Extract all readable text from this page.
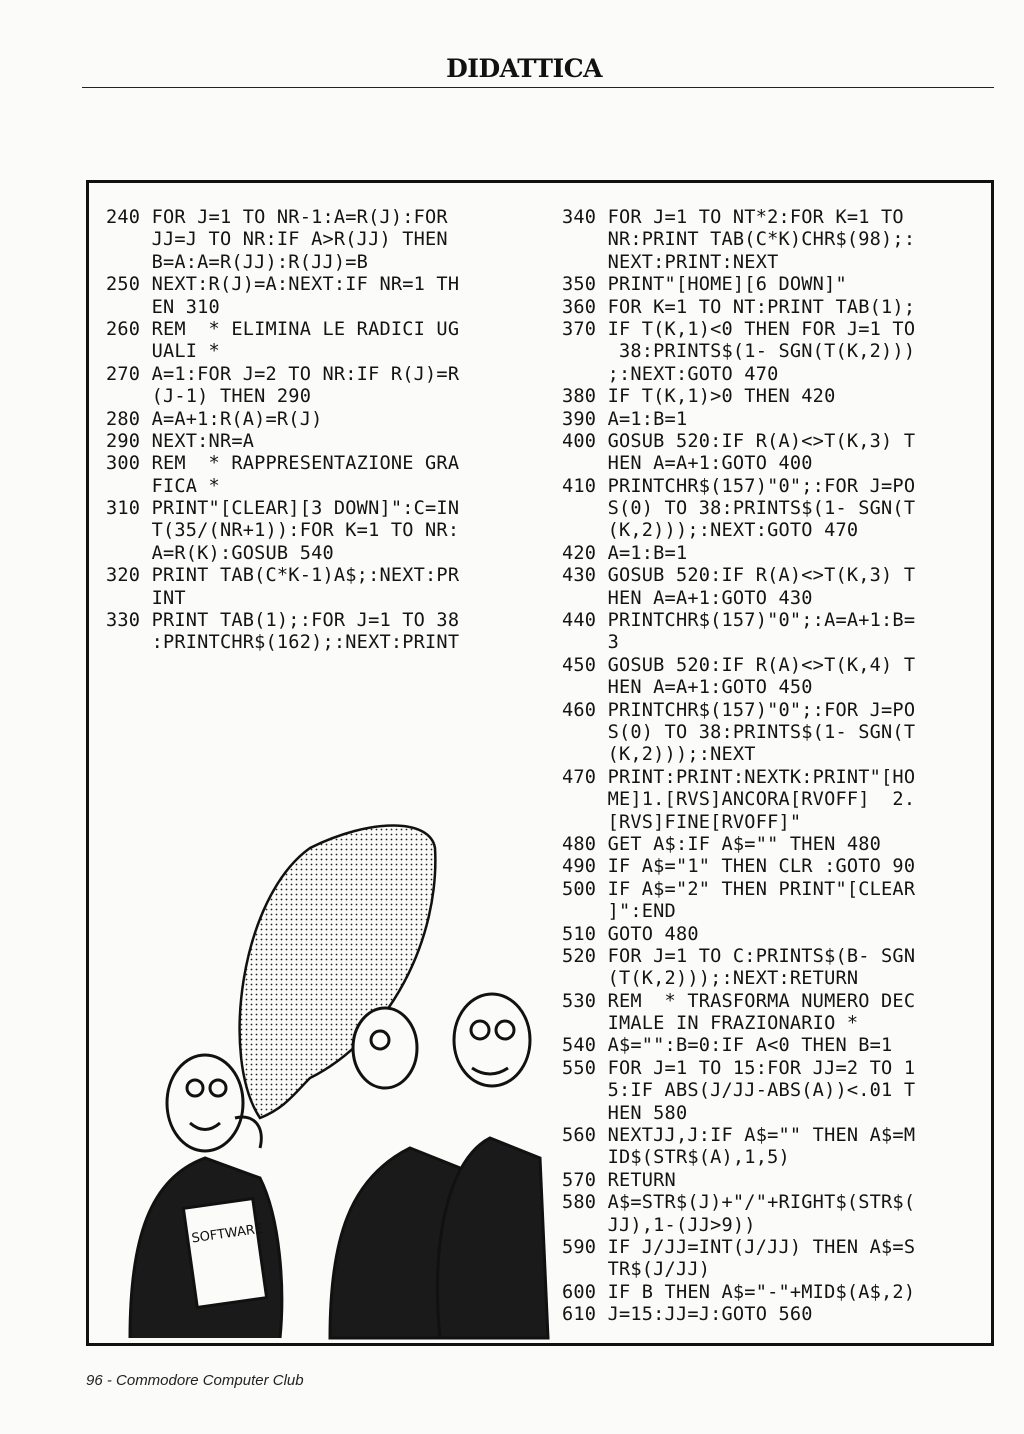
DIDATTICA
240 FOR J=1 TO NR-1:A=R(J):FOR
JJ=J TO NR:IF A>R(JJ) THEN
B=A:A=R(JJ):R(JJ)=B
250 NEXT:R(J)=A:NEXT:IF NR=1 TH
EN 310
260 REM  * ELIMINA LE RADICI UG
UALI *
270 A=1:FOR J=2 TO NR:IF R(J)=R
(J-1) THEN 290
280 A=A+1:R(A)=R(J)
290 NEXT:NR=A
300 REM  * RAPPRESENTAZIONE GRA
FICA *
310 PRINT"[CLEAR][3 DOWN]":C=IN
T(35/(NR+1)):FOR K=1 TO NR:
A=R(K):GOSUB 540
320 PRINT TAB(C*K-1)A$;:NEXT:PR
INT
330 PRINT TAB(1);:FOR J=1 TO 38
:PRINTCHR$(162);:NEXT:PRINT
340 FOR J=1 TO NT*2:FOR K=1 TO
NR:PRINT TAB(C*K)CHR$(98);:
NEXT:PRINT:NEXT
350 PRINT"[HOME][6 DOWN]"
360 FOR K=1 TO NT:PRINT TAB(1);
370 IF T(K,1)<0 THEN FOR J=1 TO
38:PRINTS$(1- SGN(T(K,2)))
;:NEXT:GOTO 470
380 IF T(K,1)>0 THEN 420
390 A=1:B=1
400 GOSUB 520:IF R(A)<>T(K,3) T
HEN A=A+1:GOTO 400
410 PRINTCHR$(157)"0";:FOR J=PO
S(0) TO 38:PRINTS$(1- SGN(T
(K,2)));:NEXT:GOTO 470
420 A=1:B=1
430 GOSUB 520:IF R(A)<>T(K,3) T
HEN A=A+1:GOTO 430
440 PRINTCHR$(157)"0";:A=A+1:B=
3
450 GOSUB 520:IF R(A)<>T(K,4) T
HEN A=A+1:GOTO 450
460 PRINTCHR$(157)"0";:FOR J=PO
S(0) TO 38:PRINTS$(1- SGN(T
(K,2)));:NEXT
470 PRINT:PRINT:NEXTK:PRINT"[HO
ME]1.[RVS]ANCORA[RVOFF]  2.
[RVS]FINE[RVOFF]"
480 GET A$:IF A$="" THEN 480
490 IF A$="1" THEN CLR :GOTO 90
500 IF A$="2" THEN PRINT"[CLEAR
]":END
510 GOTO 480
520 FOR J=1 TO C:PRINTS$(B- SGN
(T(K,2)));:NEXT:RETURN
530 REM  * TRASFORMA NUMERO DEC
IMALE IN FRAZIONARIO *
540 A$="":B=0:IF A<0 THEN B=1
550 FOR J=1 TO 15:FOR JJ=2 TO 1
5:IF ABS(J/JJ-ABS(A))<.01 T
HEN 580
560 NEXTJJ,J:IF A$="" THEN A$=M
ID$(STR$(A),1,5)
570 RETURN
580 A$=STR$(J)+"/"+RIGHT$(STR$(
JJ),1-(JJ>9))
590 IF J/JJ=INT(J/JJ) THEN A$=S
TR$(J/JJ)
600 IF B THEN A$="-"+MID$(A$,2)
610 J=15:JJ=J:GOTO 560
SOFTWARE
96 - Commodore Computer Club
